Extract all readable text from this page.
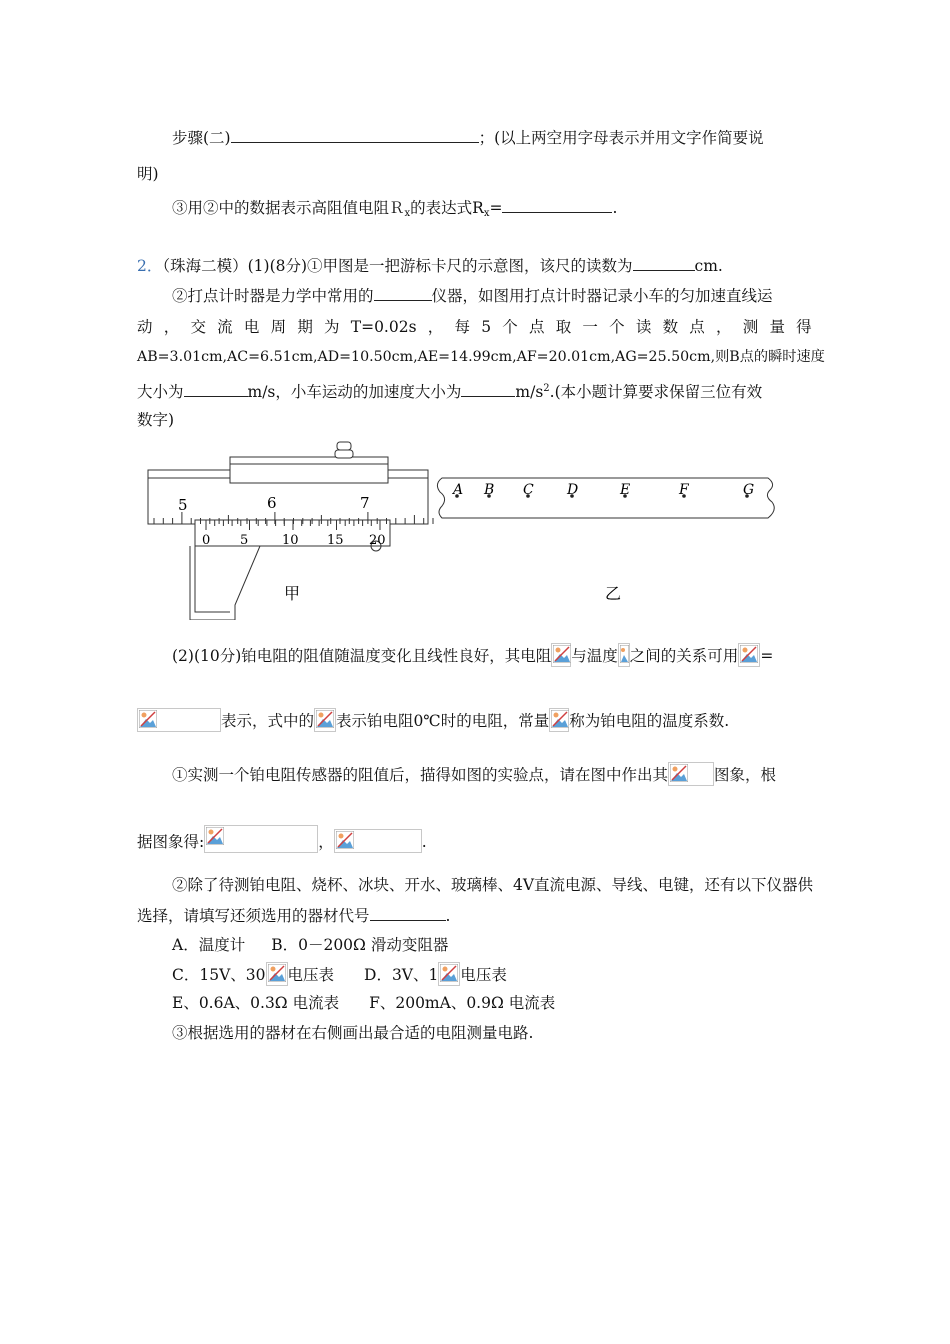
步骤(二)	；(以上两空用字母表示并用文字作简要说
明)
③用②中的数据表示高阻值电阻Ｒ$_x$的表达式$R_x=$	.
2．（珠海二模）(1)(8分)①甲图是一把游标卡尺的示意图，该尺的读数为	cm.
②打点计时器是力学中常用的	仪器，如图用打点计时器记录小车的匀加速直线运
动 ， 交 流 电 周 期 为 T=0.02s ， 每 5 个 点 取 一 个 读 数 点 ， 测 量 得
AB=3.01cm,AC=6.51cm,AD=10.50cm,AE=14.99cm,AF=20.01cm,AG=25.50cm,则B点的瞬时速度
大小为	m/s，小车运动的加速度大小为	$m/s^2$.(本小题计算要求保留三位有效
数字)
5	6	7
0 5	10 15 20
甲
A B C D	E	F	G
乙
(2)(10分)铂电阻的阻值随温度变化且线性良好，其电阻 与温度 之间的关系可用 =
表示，式中的 表示铂电阻0℃时的电阻，常量 称为铂电阻的温度系数.
①实测一个铂电阻传感器的阻值后，描得如图的实验点，请在图中作出其	图象，根
据图象得:	，	.
②除了待测铂电阻、烧杯、冰块、开水、玻璃棒、4V直流电源、导线、电键，还有以下仪器供
选择，请填写还须选用的器材代号	.
A．温度计 B．0－200Ω 滑动变阻器
C．15V、30 电压表 D．3V、1 电压表
E、0.6A、0.3Ω 电流表 F、200mA、0.9Ω 电流表
③根据选用的器材在右侧画出最合适的电阻测量电路.
